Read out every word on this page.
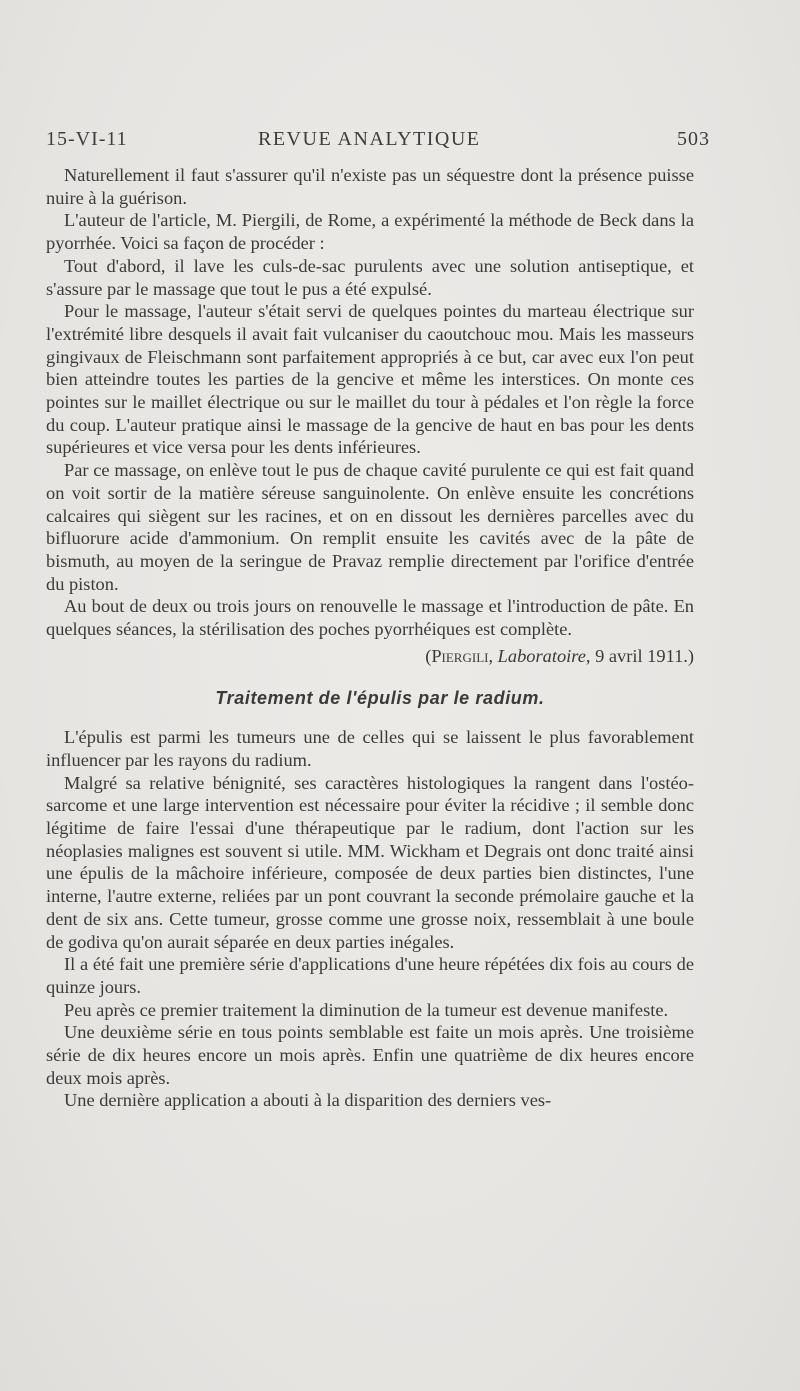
15-VI-11	REVUE ANALYTIQUE	503

Naturellement il faut s'assurer qu'il n'existe pas un séquestre dont la présence puisse nuire à la guérison.

L'auteur de l'article, M. Piergili, de Rome, a expérimenté la méthode de Beck dans la pyorrhée. Voici sa façon de procéder :

Tout d'abord, il lave les culs-de-sac purulents avec une solution antiseptique, et s'assure par le massage que tout le pus a été expulsé.

Pour le massage, l'auteur s'était servi de quelques pointes du marteau électrique sur l'extrémité libre desquels il avait fait vulcaniser du caoutchouc mou. Mais les masseurs gingivaux de Fleischmann sont parfaitement appropriés à ce but, car avec eux l'on peut bien atteindre toutes les parties de la gencive et même les interstices. On monte ces pointes sur le maillet électrique ou sur le maillet du tour à pédales et l'on règle la force du coup. L'auteur pratique ainsi le massage de la gencive de haut en bas pour les dents supérieures et vice versa pour les dents inférieures.

Par ce massage, on enlève tout le pus de chaque cavité purulente ce qui est fait quand on voit sortir de la matière séreuse sanguinolente. On enlève ensuite les concrétions calcaires qui siègent sur les racines, et on en dissout les dernières parcelles avec du bifluorure acide d'ammonium. On remplit ensuite les cavités avec de la pâte de bismuth, au moyen de la seringue de Pravaz remplie directement par l'orifice d'entrée du piston.

Au bout de deux ou trois jours on renouvelle le massage et l'introduction de pâte. En quelques séances, la stérilisation des poches pyorrhéiques est complète.

(Piergili, Laboratoire, 9 avril 1911.)
Traitement de l'épulis par le radium.

L'épulis est parmi les tumeurs une de celles qui se laissent le plus favorablement influencer par les rayons du radium.

Malgré sa relative bénignité, ses caractères histologiques la rangent dans l'ostéo-sarcome et une large intervention est nécessaire pour éviter la récidive ; il semble donc légitime de faire l'essai d'une thérapeutique par le radium, dont l'action sur les néoplasies malignes est souvent si utile. MM. Wickham et Degrais ont donc traité ainsi une épulis de la mâchoire inférieure, composée de deux parties bien distinctes, l'une interne, l'autre externe, reliées par un pont couvrant la seconde prémolaire gauche et la dent de six ans. Cette tumeur, grosse comme une grosse noix, ressemblait à une boule de godiva qu'on aurait séparée en deux parties inégales.

Il a été fait une première série d'applications d'une heure répétées dix fois au cours de quinze jours.

Peu après ce premier traitement la diminution de la tumeur est devenue manifeste.

Une deuxième série en tous points semblable est faite un mois après. Une troisième série de dix heures encore un mois après. Enfin une quatrième de dix heures encore deux mois après.

Une dernière application a abouti à la disparition des derniers ves-
